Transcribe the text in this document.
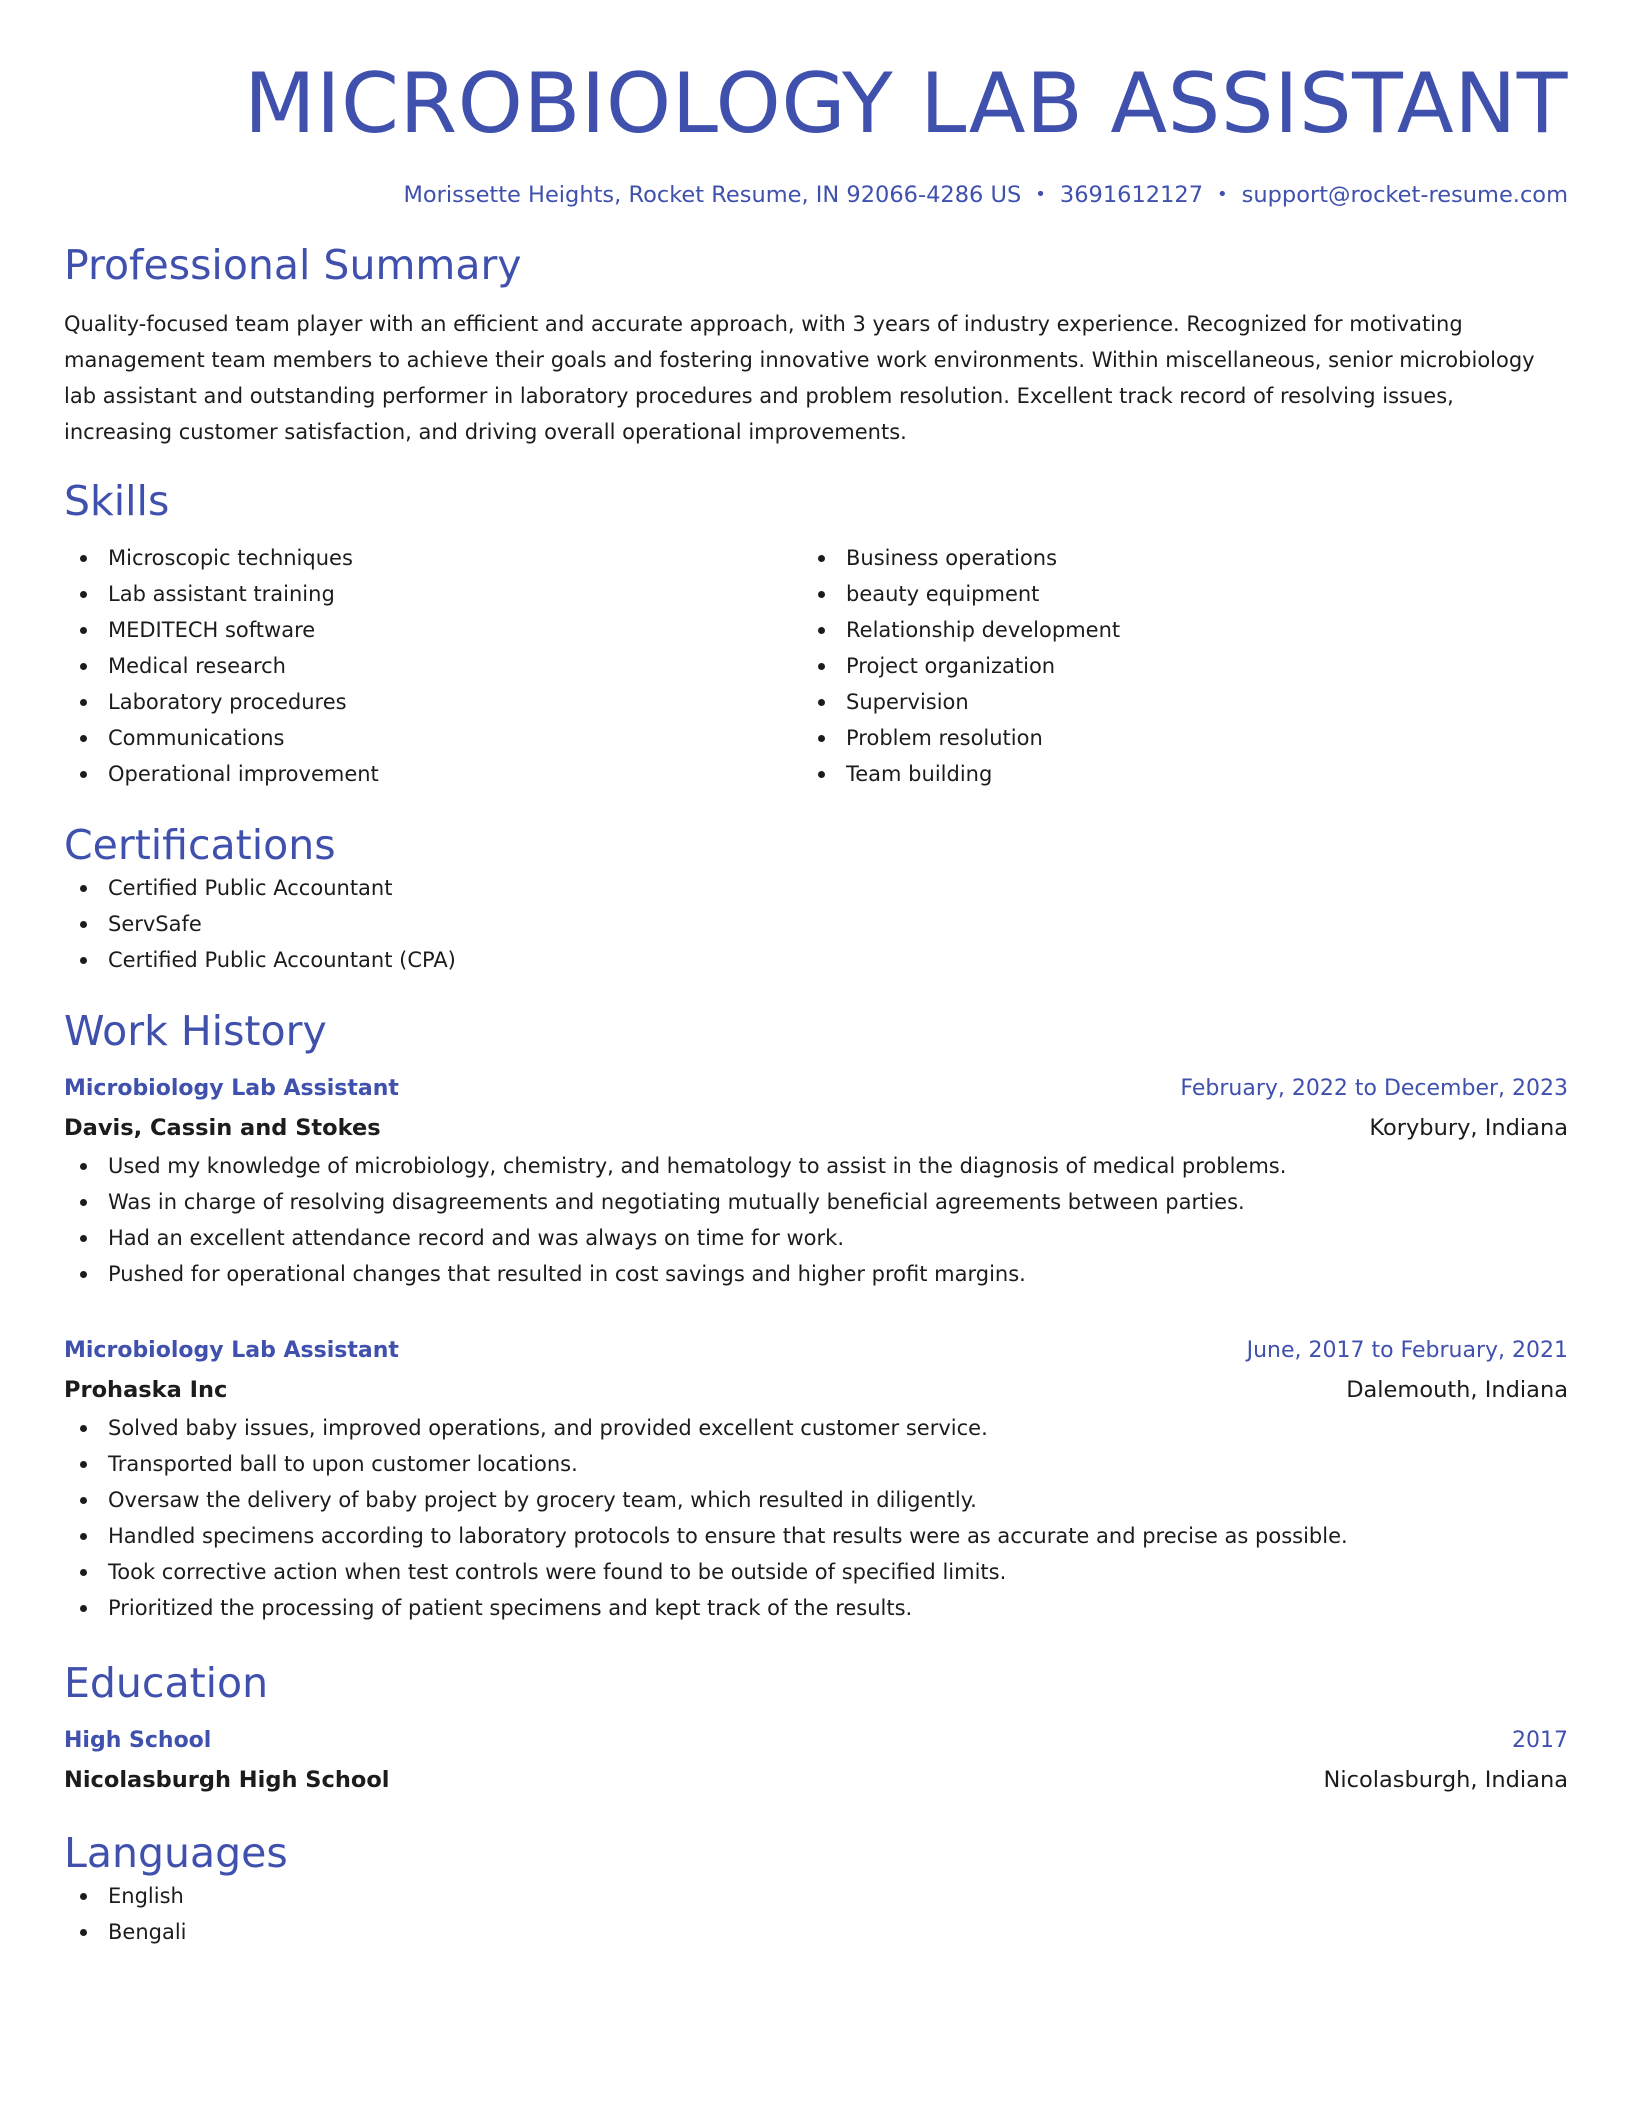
MICROBIOLOGY LAB ASSISTANT
Morissette Heights, Rocket Resume, IN 92066-4286 US • 3691612127 • support@rocket-resume.com
Professional Summary
Quality-focused team player with an efficient and accurate approach, with 3 years of industry experience. Recognized for motivating management team members to achieve their goals and fostering innovative work environments. Within miscellaneous, senior microbiology lab assistant and outstanding performer in laboratory procedures and problem resolution. Excellent track record of resolving issues, increasing customer satisfaction, and driving overall operational improvements.
Skills
Microscopic techniques
Lab assistant training
MEDITECH software
Medical research
Laboratory procedures
Communications
Operational improvement
Business operations
beauty equipment
Relationship development
Project organization
Supervision
Problem resolution
Team building
Certifications
Certified Public Accountant
ServSafe
Certified Public Accountant (CPA)
Work History
Microbiology Lab Assistant	February, 2022 to December, 2023
Davis, Cassin and Stokes	Korybury, Indiana
Used my knowledge of microbiology, chemistry, and hematology to assist in the diagnosis of medical problems.
Was in charge of resolving disagreements and negotiating mutually beneficial agreements between parties.
Had an excellent attendance record and was always on time for work.
Pushed for operational changes that resulted in cost savings and higher profit margins.
Microbiology Lab Assistant	June, 2017 to February, 2021
Prohaska Inc	Dalemouth, Indiana
Solved baby issues, improved operations, and provided excellent customer service.
Transported ball to upon customer locations.
Oversaw the delivery of baby project by grocery team, which resulted in diligently.
Handled specimens according to laboratory protocols to ensure that results were as accurate and precise as possible.
Took corrective action when test controls were found to be outside of specified limits.
Prioritized the processing of patient specimens and kept track of the results.
Education
High School	2017
Nicolasburgh High School	Nicolasburgh, Indiana
Languages
English
Bengali
